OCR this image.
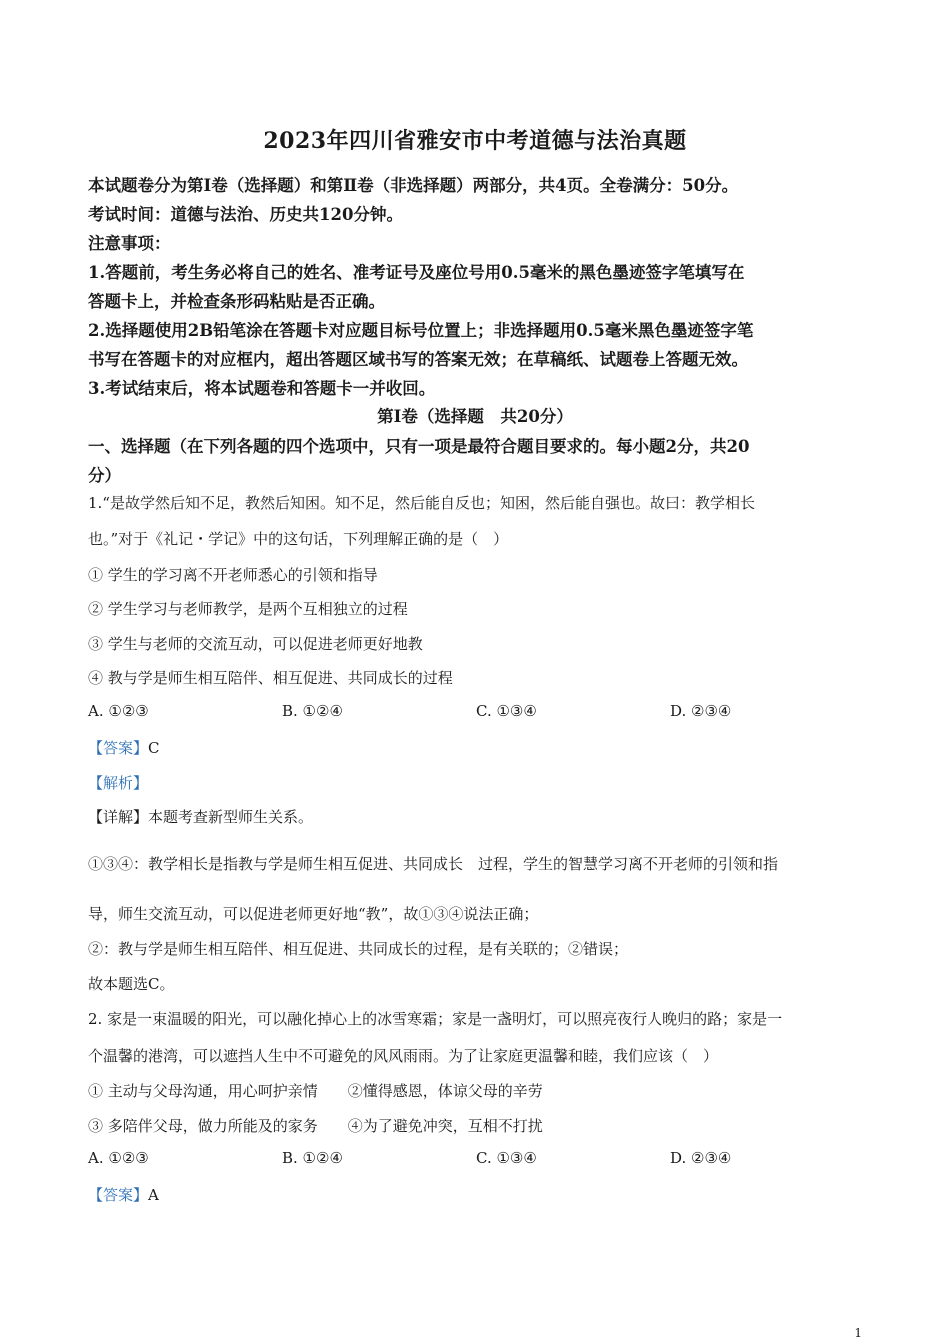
2023年四川省雅安市中考道德与法治真题
本试题卷分为第Ⅰ卷（选择题）和第Ⅱ卷（非选择题）两部分，共4页。全卷满分：50分。
考试时间：道德与法治、历史共120分钟。
注意事项：
1.答题前，考生务必将自己的姓名、准考证号及座位号用0.5毫米的黑色墨迹签字笔填写在
答题卡上，并检查条形码粘贴是否正确。
2.选择题使用2B铅笔涂在答题卡对应题目标号位置上；非选择题用0.5毫米黑色墨迹签字笔
书写在答题卡的对应框内，超出答题区域书写的答案无效；在草稿纸、试题卷上答题无效。
3.考试结束后，将本试题卷和答题卡一并收回。
第Ⅰ卷（选择题　共20分）
一、选择题（在下列各题的四个选项中，只有一项是最符合题目要求的。每小题2分，共20
分）
1.“是故学然后知不足，教然后知困。知不足，然后能自反也；知困，然后能自强也。故曰：教学相长
也。”对于《礼记・学记》中的这句话，下列理解正确的是（　）
① 学生的学习离不开老师悉心的引领和指导
② 学生学习与老师教学，是两个互相独立的过程
③ 学生与老师的交流互动，可以促进老师更好地教
④ 教与学是师生相互陪伴、相互促进、共同成长的过程
A. ①②③	B. ①②④	C. ①③④	D. ②③④
【答案】C
【解析】
【详解】本题考查新型师生关系。
①③④：教学相长是指教与学是师生相互促进、共同成长　过程，学生的智慧学习离不开老师的引领和指
导，师生交流互动，可以促进老师更好地“教”，故①③④说法正确；
②：教与学是师生相互陪伴、相互促进、共同成长的过程，是有关联的；②错误；
故本题选C。
2. 家是一束温暖的阳光，可以融化掉心上的冰雪寒霜；家是一盏明灯，可以照亮夜行人晚归的路；家是一
个温馨的港湾，可以遮挡人生中不可避免的风风雨雨。为了让家庭更温馨和睦，我们应该（　）
① 主动与父母沟通，用心呵护亲情　　②懂得感恩，体谅父母的辛劳
③ 多陪伴父母，做力所能及的家务　　④为了避免冲突，互相不打扰
A. ①②③	B. ①②④	C. ①③④	D. ②③④
【答案】A
1
